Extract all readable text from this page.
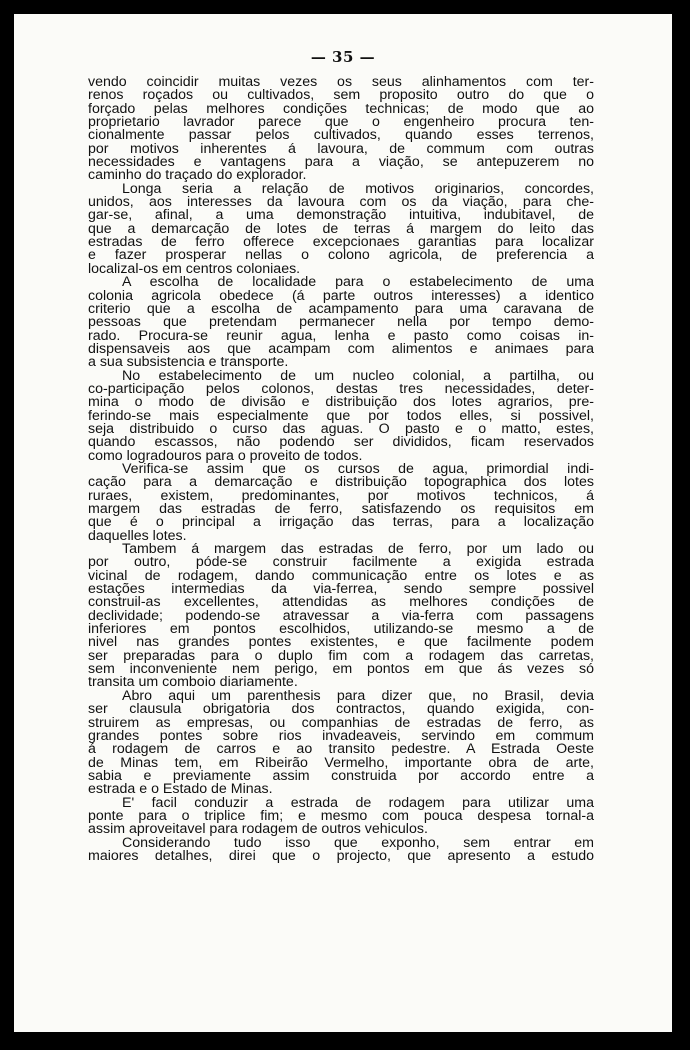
— 35 —
vendo coincidir muitas vezes os seus alinhamentos com ter-
renos roçados ou cultivados, sem proposito outro do que o
forçado pelas melhores condições technicas; de modo que ao
proprietario lavrador parece que o engenheiro procura ten-
cionalmente passar pelos cultivados, quando esses terrenos,
por motivos inherentes á lavoura, de commum com outras
necessidades e vantagens para a viação, se antepuzerem no
caminho do traçado do explorador.
Longa seria a relação de motivos originarios, concordes,
unidos, aos interesses da lavoura com os da viação, para che-
gar-se, afinal, a uma demonstração intuitiva, indubitavel, de
que a demarcação de lotes de terras á margem do leito das
estradas de ferro offerece excepcionaes garantias para localizar
e fazer prosperar nellas o colono agricola, de preferencia a
localizal-os em centros coloniaes.
A escolha de localidade para o estabelecimento de uma
colonia agricola obedece (á parte outros interesses) a identico
criterio que a escolha de acampamento para uma caravana de
pessoas que pretendam permanecer nella por tempo demo-
rado. Procura-se reunir agua, lenha e pasto como coisas in-
dispensaveis aos que acampam com alimentos e animaes para
a sua subsistencia e transporte.
No estabelecimento de um nucleo colonial, a partilha, ou
co-participação pelos colonos, destas tres necessidades, deter-
mina o modo de divisão e distribuição dos lotes agrarios, pre-
ferindo-se mais especialmente que por todos elles, si possivel,
seja distribuido o curso das aguas. O pasto e o matto, estes,
quando escassos, não podendo ser divididos, ficam reservados
como logradouros para o proveito de todos.
Verifica-se assim que os cursos de agua, primordial indi-
cação para a demarcação e distribuição topographica dos lotes
ruraes, existem, predominantes, por motivos technicos, á
margem das estradas de ferro, satisfazendo os requisitos em
que é o principal a irrigação das terras, para a localização
daquelles lotes.
Tambem á margem das estradas de ferro, por um lado ou
por outro, póde-se construir facilmente a exigida estrada
vicinal de rodagem, dando communicação entre os lotes e as
estações intermedias da via-ferrea, sendo sempre possivel
construil-as excellentes, attendidas as melhores condições de
declividade; podendo-se atravessar a via-ferra com passagens
inferiores em pontos escolhidos, utilizando-se mesmo a de
nivel nas grandes pontes existentes, e que facilmente podem
ser preparadas para o duplo fim com a rodagem das carretas,
sem inconveniente nem perigo, em pontos em que ás vezes só
transita um comboio diariamente.
Abro aqui um parenthesis para dizer que, no Brasil, devia
ser clausula obrigatoria dos contractos, quando exigida, con-
struirem as empresas, ou companhias de estradas de ferro, as
grandes pontes sobre rios invadeaveis, servindo em commum
á rodagem de carros e ao transito pedestre. A Estrada Oeste
de Minas tem, em Ribeirão Vermelho, importante obra de arte,
sabia e previamente assim construida por accordo entre a
estrada e o Estado de Minas.
E' facil conduzir a estrada de rodagem para utilizar uma
ponte para o triplice fim; e mesmo com pouca despesa tornal-a
assim aproveitavel para rodagem de outros vehiculos.
Considerando tudo isso que exponho, sem entrar em
maiores detalhes, direi que o projecto, que apresento a estudo
